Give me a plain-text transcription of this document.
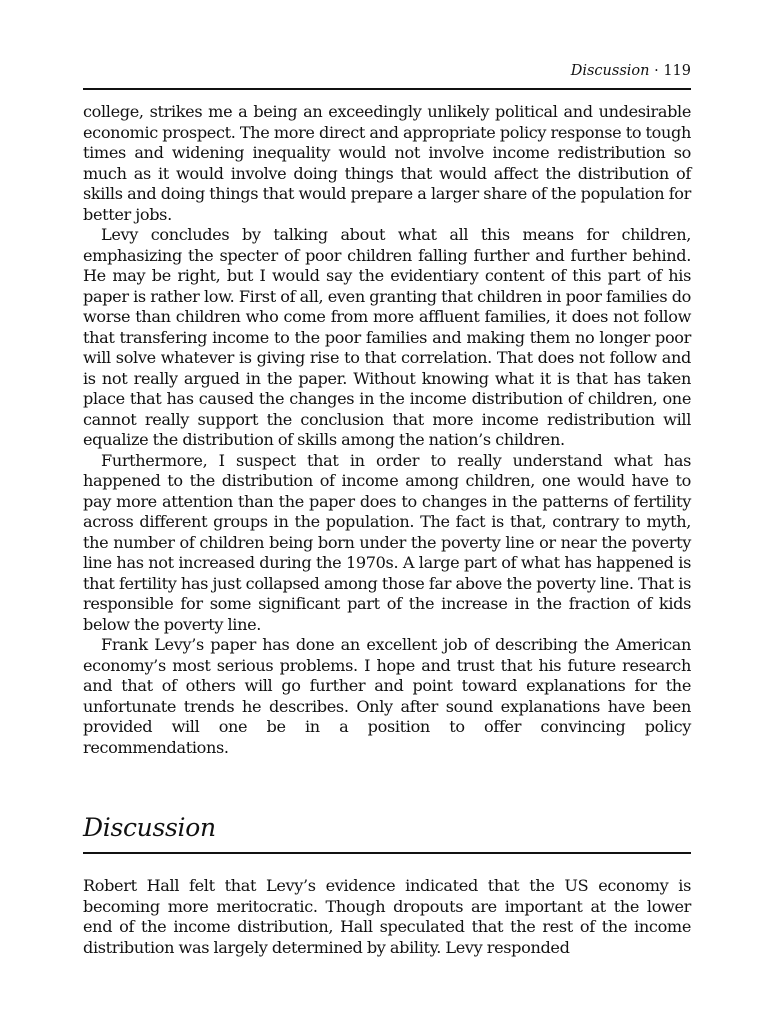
Discussion · 119

college, strikes me a being an exceedingly unlikely political and undesirable economic prospect. The more direct and appropriate policy response to tough times and widening inequality would not involve income redistribution so much as it would involve doing things that would affect the distribution of skills and doing things that would prepare a larger share of the population for better jobs.

Levy concludes by talking about what all this means for children, emphasizing the specter of poor children falling further and further behind. He may be right, but I would say the evidentiary content of this part of his paper is rather low. First of all, even granting that children in poor families do worse than children who come from more affluent families, it does not follow that transfering income to the poor families and making them no longer poor will solve whatever is giving rise to that correlation. That does not follow and is not really argued in the paper. Without knowing what it is that has taken place that has caused the changes in the income distribution of children, one cannot really support the conclusion that more income redistribution will equalize the distribution of skills among the nation’s children.

Furthermore, I suspect that in order to really understand what has happened to the distribution of income among children, one would have to pay more attention than the paper does to changes in the patterns of fertility across different groups in the population. The fact is that, contrary to myth, the number of children being born under the poverty line or near the poverty line has not increased during the 1970s. A large part of what has happened is that fertility has just collapsed among those far above the poverty line. That is responsible for some significant part of the increase in the fraction of kids below the poverty line.

Frank Levy’s paper has done an excellent job of describing the American economy’s most serious problems. I hope and trust that his future research and that of others will go further and point toward explanations for the unfortunate trends he describes. Only after sound explanations have been provided will one be in a position to offer convincing policy recommendations.

Discussion

Robert Hall felt that Levy’s evidence indicated that the US economy is becoming more meritocratic. Though dropouts are important at the lower end of the income distribution, Hall speculated that the rest of the income distribution was largely determined by ability. Levy responded
